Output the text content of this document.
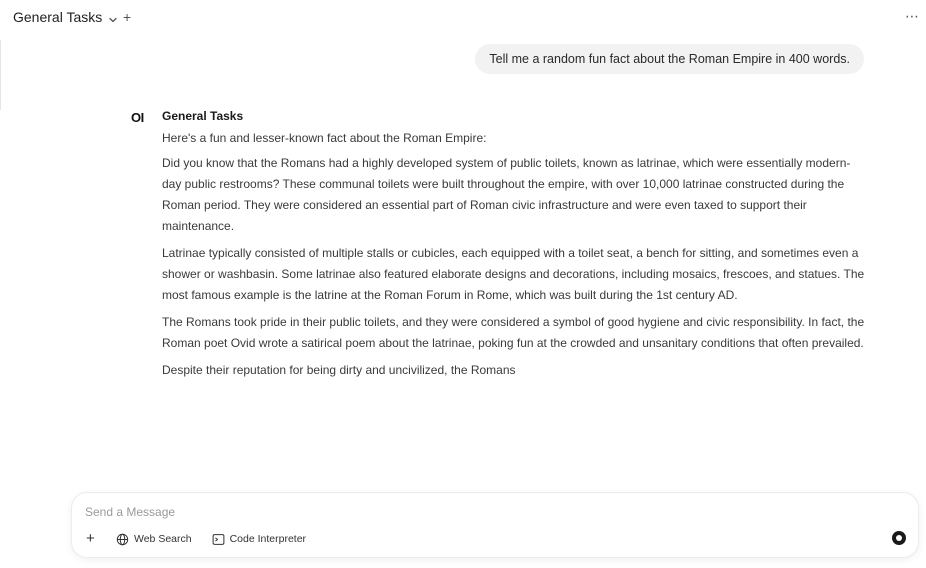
General Tasks +	⋯
Tell me a random fun fact about the Roman Empire in 400 words.
OI General Tasks

Here's a fun and lesser-known fact about the Roman Empire:

Did you know that the Romans had a highly developed system of public toilets, known as latrinae, which were essentially modern-day public restrooms? These communal toilets were built throughout the empire, with over 10,000 latrinae constructed during the Roman period. They were considered an essential part of Roman civic infrastructure and were even taxed to support their maintenance.

Latrinae typically consisted of multiple stalls or cubicles, each equipped with a toilet seat, a bench for sitting, and sometimes even a shower or washbasin. Some latrinae also featured elaborate designs and decorations, including mosaics, frescoes, and statues. The most famous example is the latrine at the Roman Forum in Rome, which was built during the 1st century AD.

The Romans took pride in their public toilets, and they were considered a symbol of good hygiene and civic responsibility. In fact, the Roman poet Ovid wrote a satirical poem about the latrinae, poking fun at the crowded and unsanitary conditions that often prevailed.

Despite their reputation for being dirty and uncivilized, the Romans

Send a Message
+	Web Search	Code Interpreter
